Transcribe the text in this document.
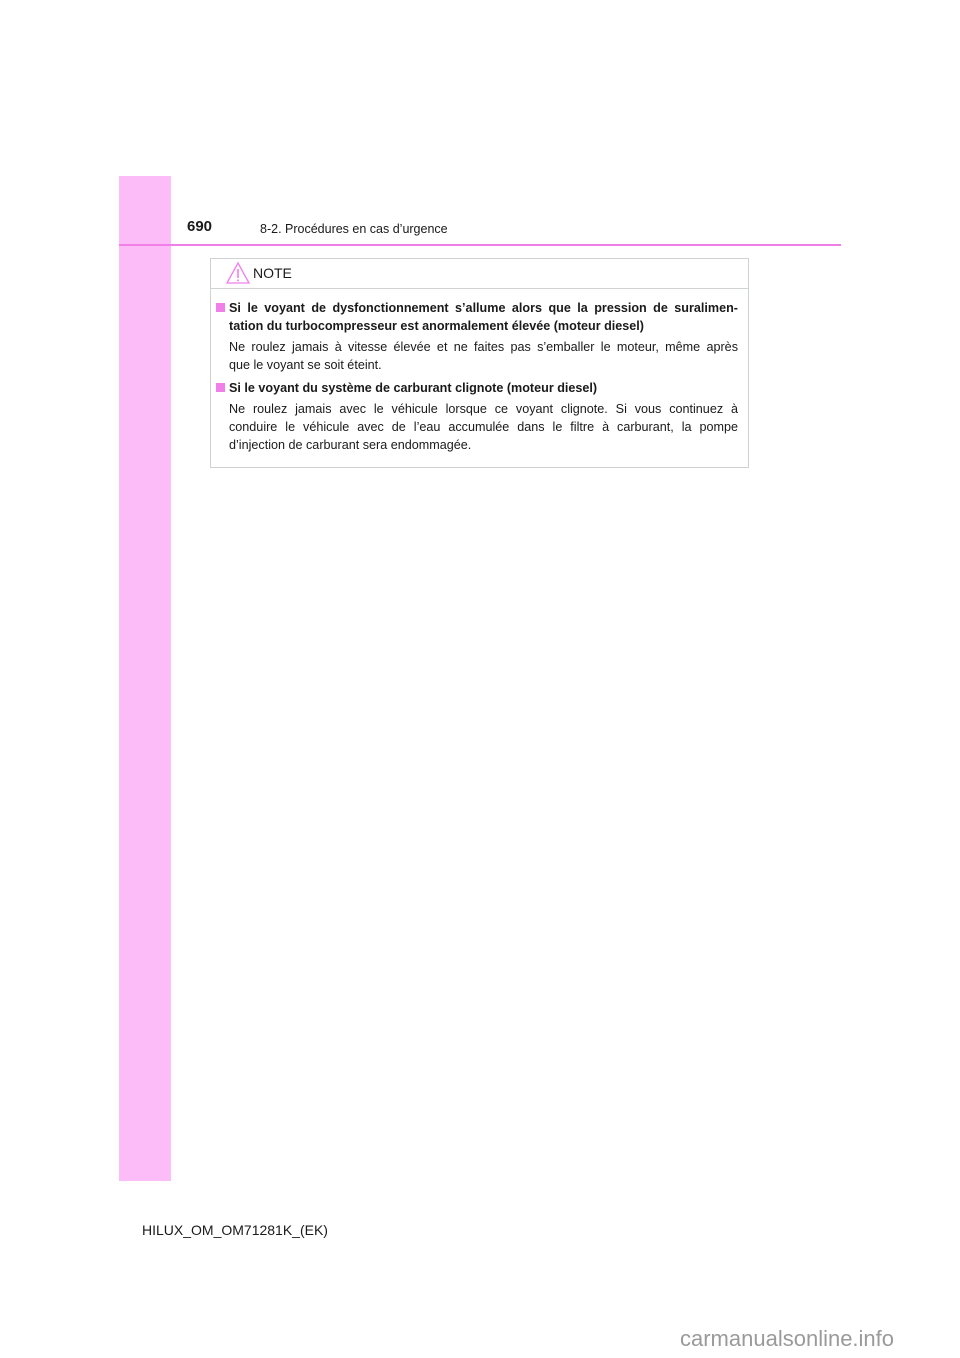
690	8-2. Procédures en cas d’urgence
NOTE
Si le voyant de dysfonctionnement s’allume alors que la pression de suralimen-
tation du turbocompresseur est anormalement élevée (moteur diesel)
Ne roulez jamais à vitesse élevée et ne faites pas s’emballer le moteur, même après
que le voyant se soit éteint.
Si le voyant du système de carburant clignote (moteur diesel)
Ne roulez jamais avec le véhicule lorsque ce voyant clignote. Si vous continuez à
conduire le véhicule avec de l’eau accumulée dans le filtre à carburant, la pompe
d’injection de carburant sera endommagée.
HILUX_OM_OM71281K_(EK)
carmanualsonline.info
